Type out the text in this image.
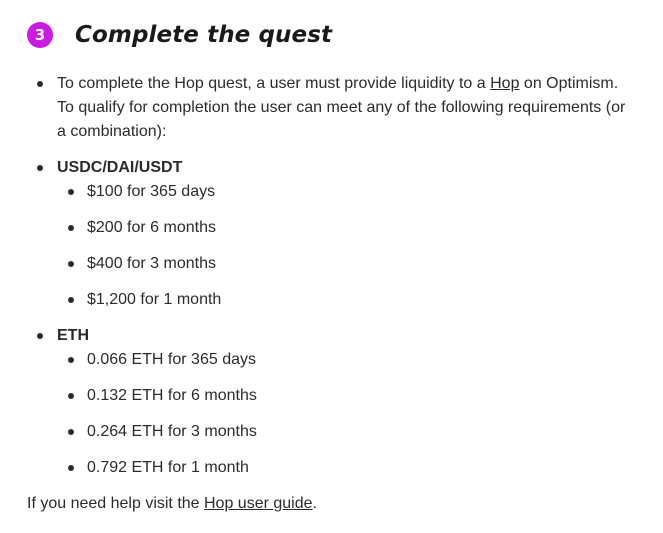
3	Complete the quest
To complete the Hop quest, a user must provide liquidity to a Hop on Optimism. To qualify for completion the user can meet any of the following requirements (or a combination):
USDC/DAI/USDT
$100 for 365 days
$200 for 6 months
$400 for 3 months
$1,200 for 1 month
ETH
0.066 ETH for 365 days
0.132 ETH for 6 months
0.264 ETH for 3 months
0.792 ETH for 1 month
If you need help visit the Hop user guide.
